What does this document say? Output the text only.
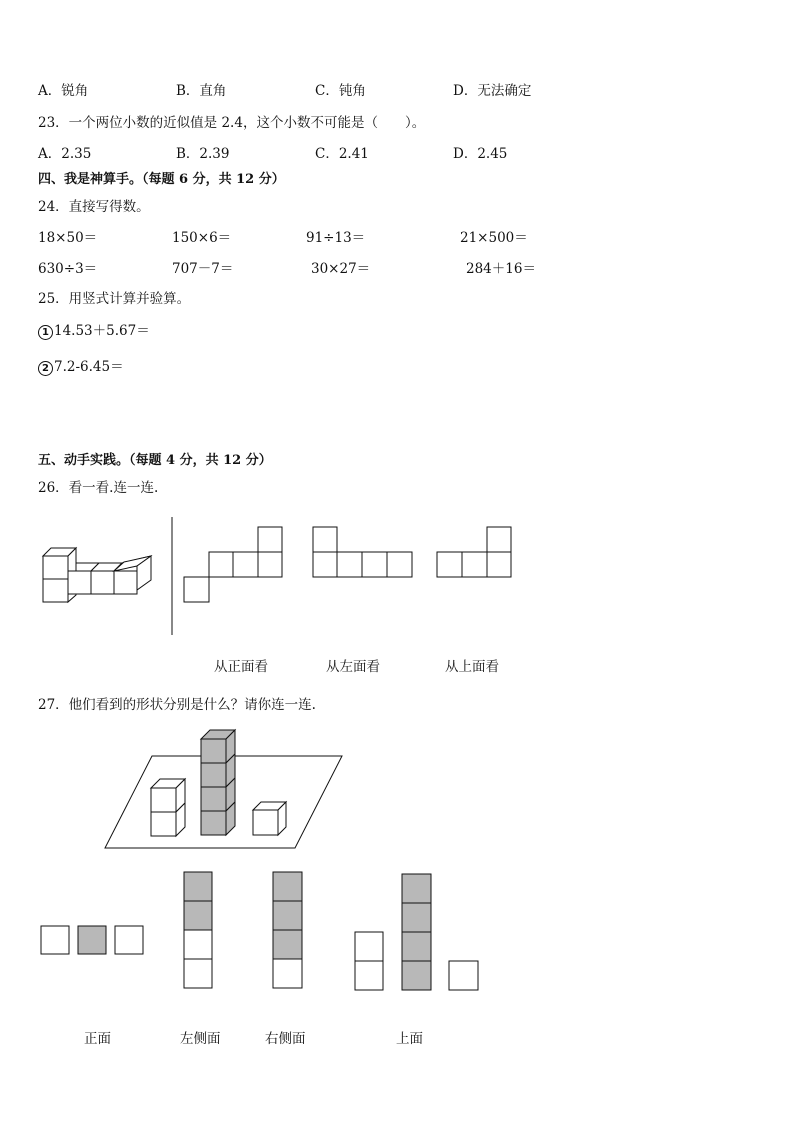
A．锐角	B．直角	C．钝角	D．无法确定
23．一个两位小数的近似值是 2.4，这个小数不可能是（　　）。
A．2.35	B．2.39	C．2.41	D．2.45
四、我是神算手。（每题 6 分，共 12 分）
24．直接写得数。
18×50＝	150×6＝	91÷13＝	21×500＝
630÷3＝	707－7＝	30×27＝	284＋16＝
25．用竖式计算并验算。
1 14.53＋5.67＝
2 7.2-6.45＝
五、动手实践。（每题 4 分，共 12 分）
26．看一看.连一连.
从正面看	从左面看	从上面看
27．他们看到的形状分别是什么？请你连一连.
正面	左侧面	右侧面	上面
